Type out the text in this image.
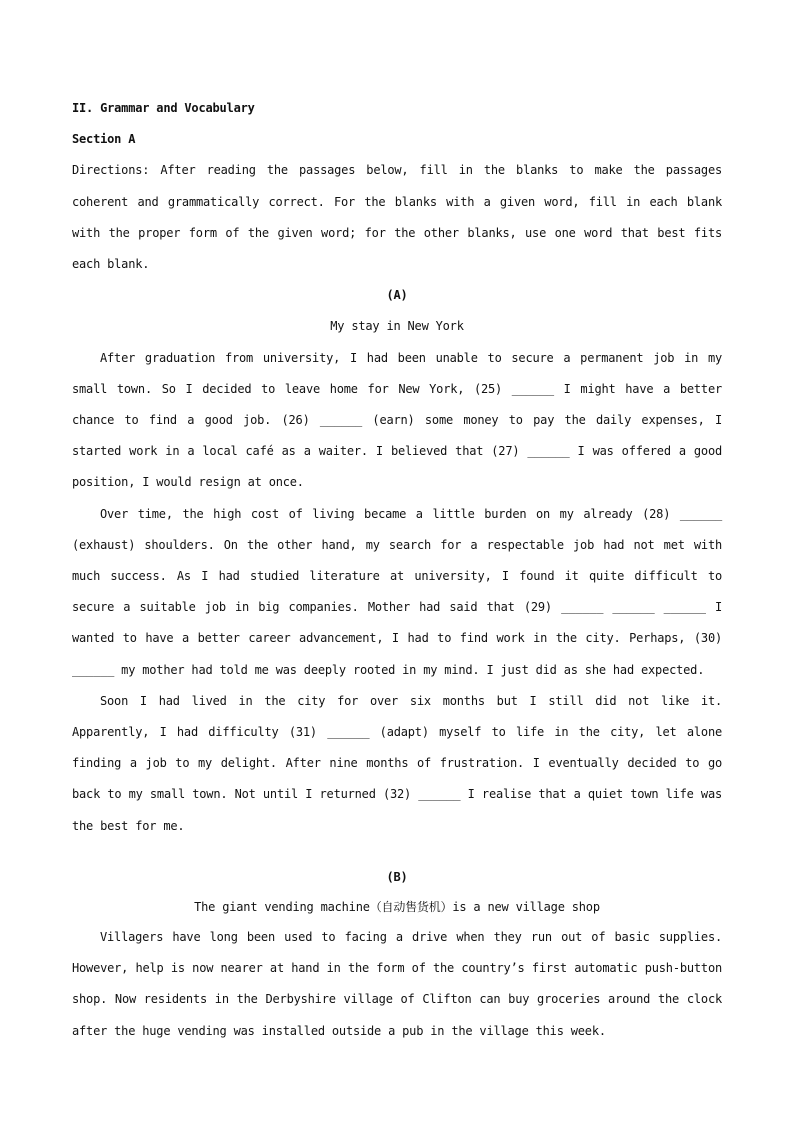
II. Grammar and Vocabulary
Section A

Directions: After reading the passages below, fill in the blanks to make the passages coherent and grammatically correct. For the blanks with a given word, fill in each blank with the proper form of the given word; for the other blanks, use one word that best fits each blank.

(A)
My stay in New York

After graduation from university, I had been unable to secure a permanent job in my small town. So I decided to leave home for New York, (25) ______ I might have a better chance to find a good job. (26) ______ (earn) some money to pay the daily expenses, I started work in a local café as a waiter. I believed that (27) ______ I was offered a good position, I would resign at once.

Over time, the high cost of living became a little burden on my already (28) ______ (exhaust) shoulders. On the other hand, my search for a respectable job had not met with much success. As I had studied literature at university, I found it quite difficult to secure a suitable job in big companies. Mother had said that (29) ______ ______ ______ I wanted to have a better career advancement, I had to find work in the city. Perhaps, (30) ______ my mother had told me was deeply rooted in my mind. I just did as she had expected.

Soon I had lived in the city for over six months but I still did not like it. Apparently, I had difficulty (31) ______ (adapt) myself to life in the city, let alone finding a job to my delight. After nine months of frustration. I eventually decided to go back to my small town. Not until I returned (32) ______ I realise that a quiet town life was the best for me.

(B)
The giant vending machine（自动售货机）is a new village shop

Villagers have long been used to facing a drive when they run out of basic supplies. However, help is now nearer at hand in the form of the country’s first automatic push-button shop. Now residents in the Derbyshire village of Clifton can buy groceries around the clock after the huge vending was installed outside a pub in the village this week.
